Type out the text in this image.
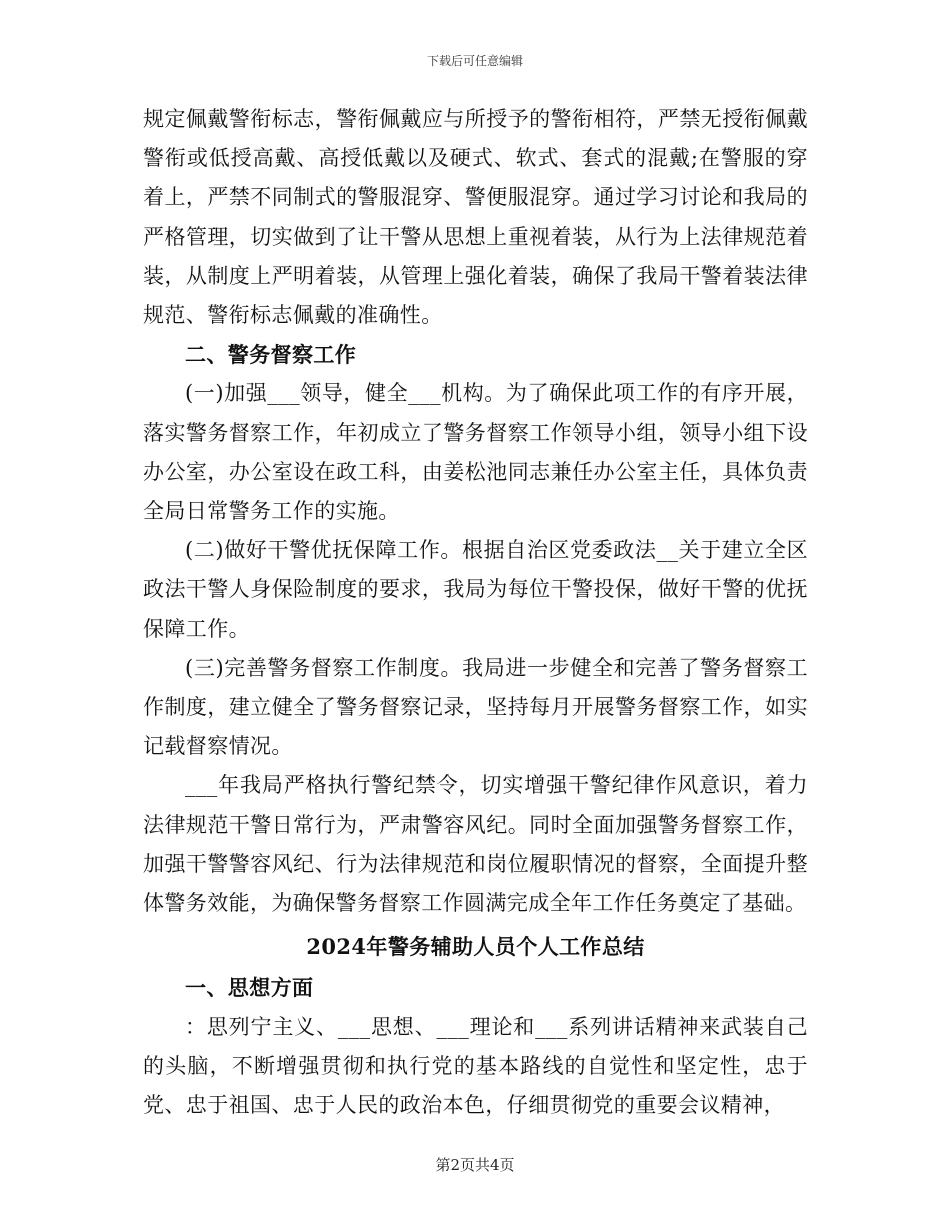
下载后可任意编辑

规定佩戴警衔标志，警衔佩戴应与所授予的警衔相符，严禁无授衔佩戴警衔或低授高戴、高授低戴以及硬式、软式、套式的混戴;在警服的穿着上，严禁不同制式的警服混穿、警便服混穿。通过学习讨论和我局的严格管理，切实做到了让干警从思想上重视着装，从行为上法律规范着装，从制度上严明着装，从管理上强化着装，确保了我局干警着装法律规范、警衔标志佩戴的准确性。

二、警务督察工作

(一)加强___领导，健全___机构。为了确保此项工作的有序开展，落实警务督察工作，年初成立了警务督察工作领导小组，领导小组下设办公室，办公室设在政工科，由姜松池同志兼任办公室主任，具体负责全局日常警务工作的实施。

(二)做好干警优抚保障工作。根据自治区党委政法__关于建立全区政法干警人身保险制度的要求，我局为每位干警投保，做好干警的优抚保障工作。

(三)完善警务督察工作制度。我局进一步健全和完善了警务督察工作制度，建立健全了警务督察记录，坚持每月开展警务督察工作，如实记载督察情况。

___年我局严格执行警纪禁令，切实增强干警纪律作风意识，着力法律规范干警日常行为，严肃警容风纪。同时全面加强警务督察工作，加强干警警容风纪、行为法律规范和岗位履职情况的督察，全面提升整体警务效能，为确保警务督察工作圆满完成全年工作任务奠定了基础。

2024年警务辅助人员个人工作总结

一、思想方面

：思列宁主义、___思想、___理论和___系列讲话精神来武装自己的头脑，不断增强贯彻和执行党的基本路线的自觉性和坚定性，忠于党、忠于祖国、忠于人民的政治本色，仔细贯彻党的重要会议精神，

第2页共4页
